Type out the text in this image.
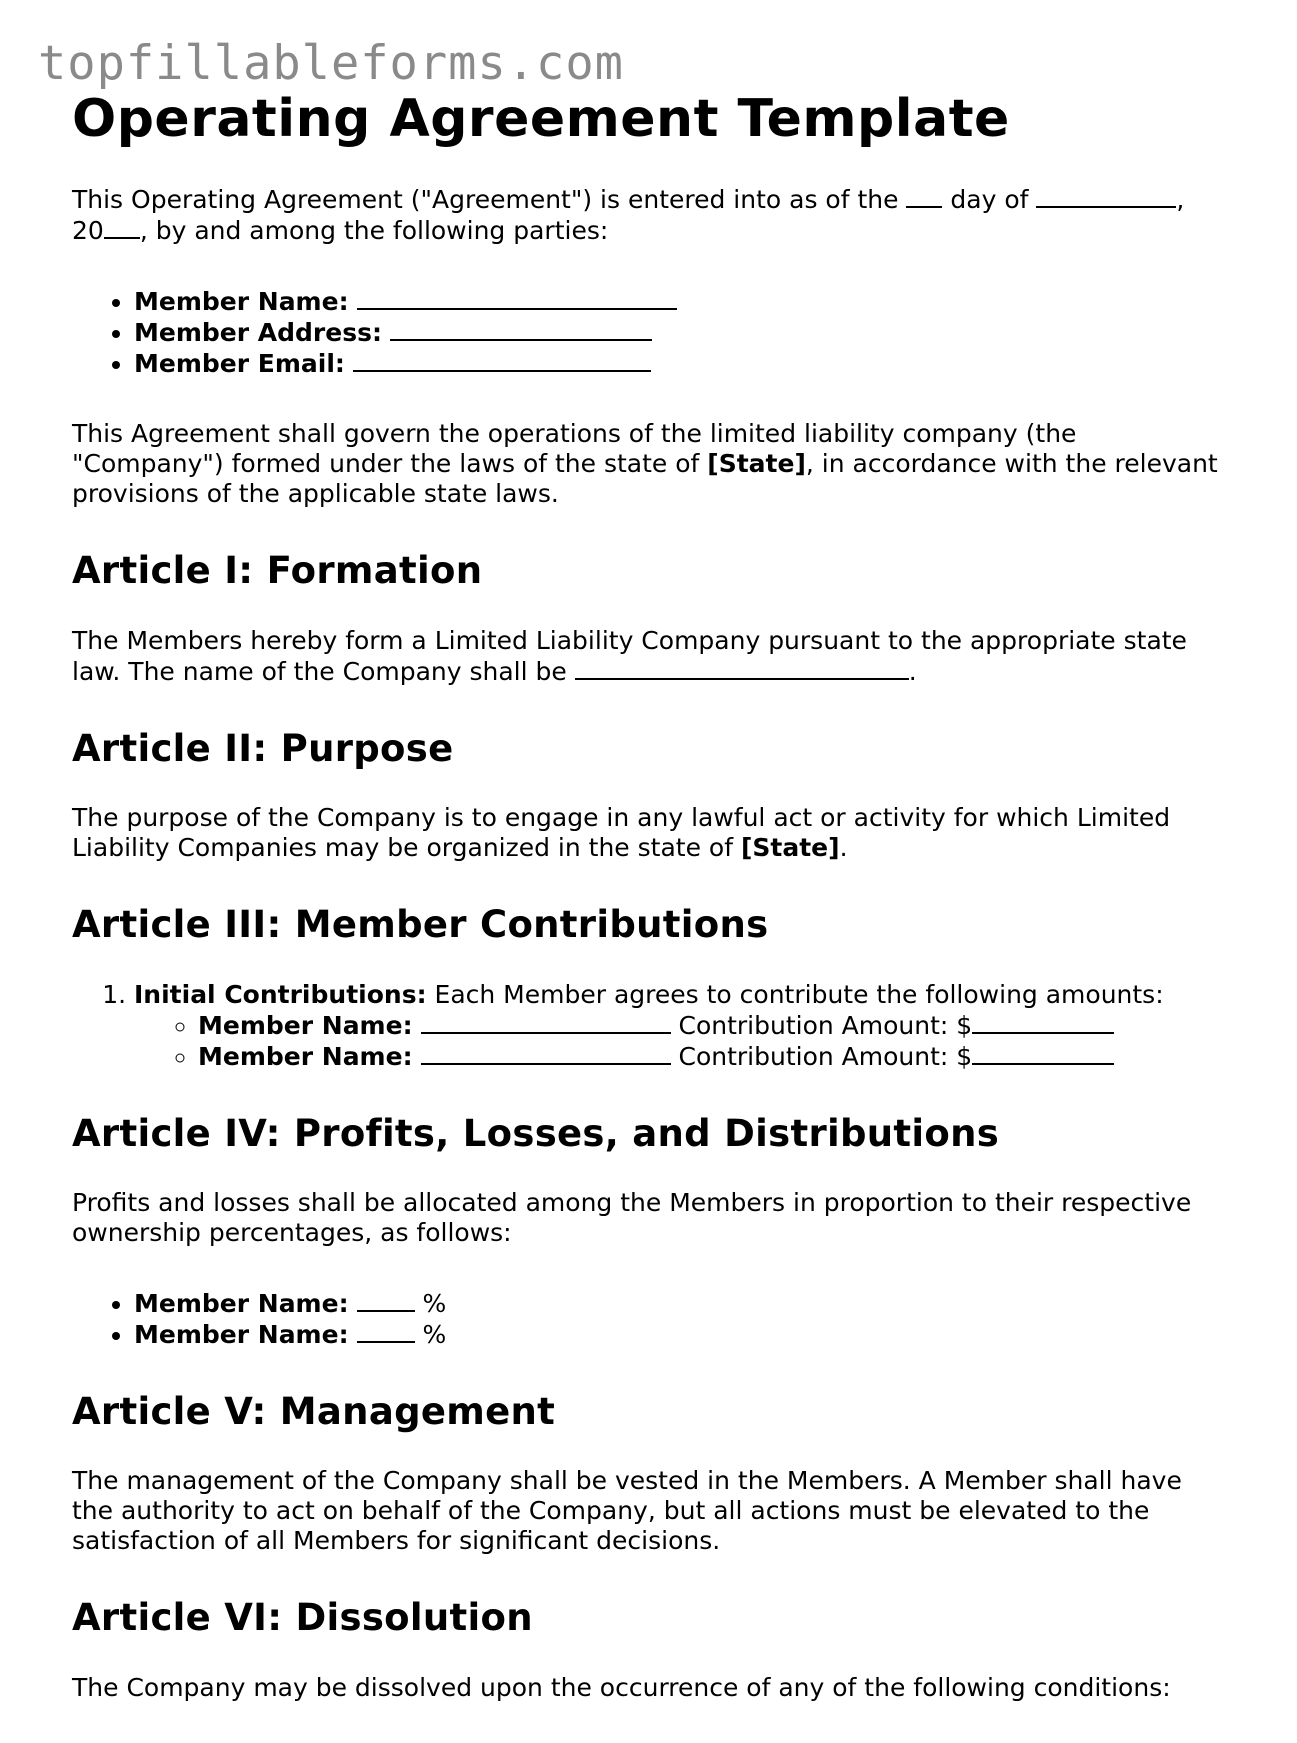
topfillableforms.com
Operating Agreement Template

This Operating Agreement ("Agreement") is entered into as of the day of	,
20 , by and among the following parties:

• Member Name:
• Member Address:
• Member Email:

This Agreement shall govern the operations of the limited liability company (the "Company") formed under the laws of the state of [State], in accordance with the relevant provisions of the applicable state laws.

Article I: Formation

The Members hereby form a Limited Liability Company pursuant to the appropriate state law. The name of the Company shall be	.

Article II: Purpose

The purpose of the Company is to engage in any lawful act or activity for which Limited Liability Companies may be organized in the state of [State].

Article III: Member Contributions
1. Initial Contributions: Each Member agrees to contribute the following amounts:
◦ Member Name:	Contribution Amount: $
◦ Member Name:	Contribution Amount: $
Article IV: Profits, Losses, and Distributions

Profits and losses shall be allocated among the Members in proportion to their respective ownership percentages, as follows:

• Member Name:	%
• Member Name:	%
Article V: Management

The management of the Company shall be vested in the Members. A Member shall have the authority to act on behalf of the Company, but all actions must be elevated to the satisfaction of all Members for significant decisions.

Article VI: Dissolution

The Company may be dissolved upon the occurrence of any of the following conditions:
